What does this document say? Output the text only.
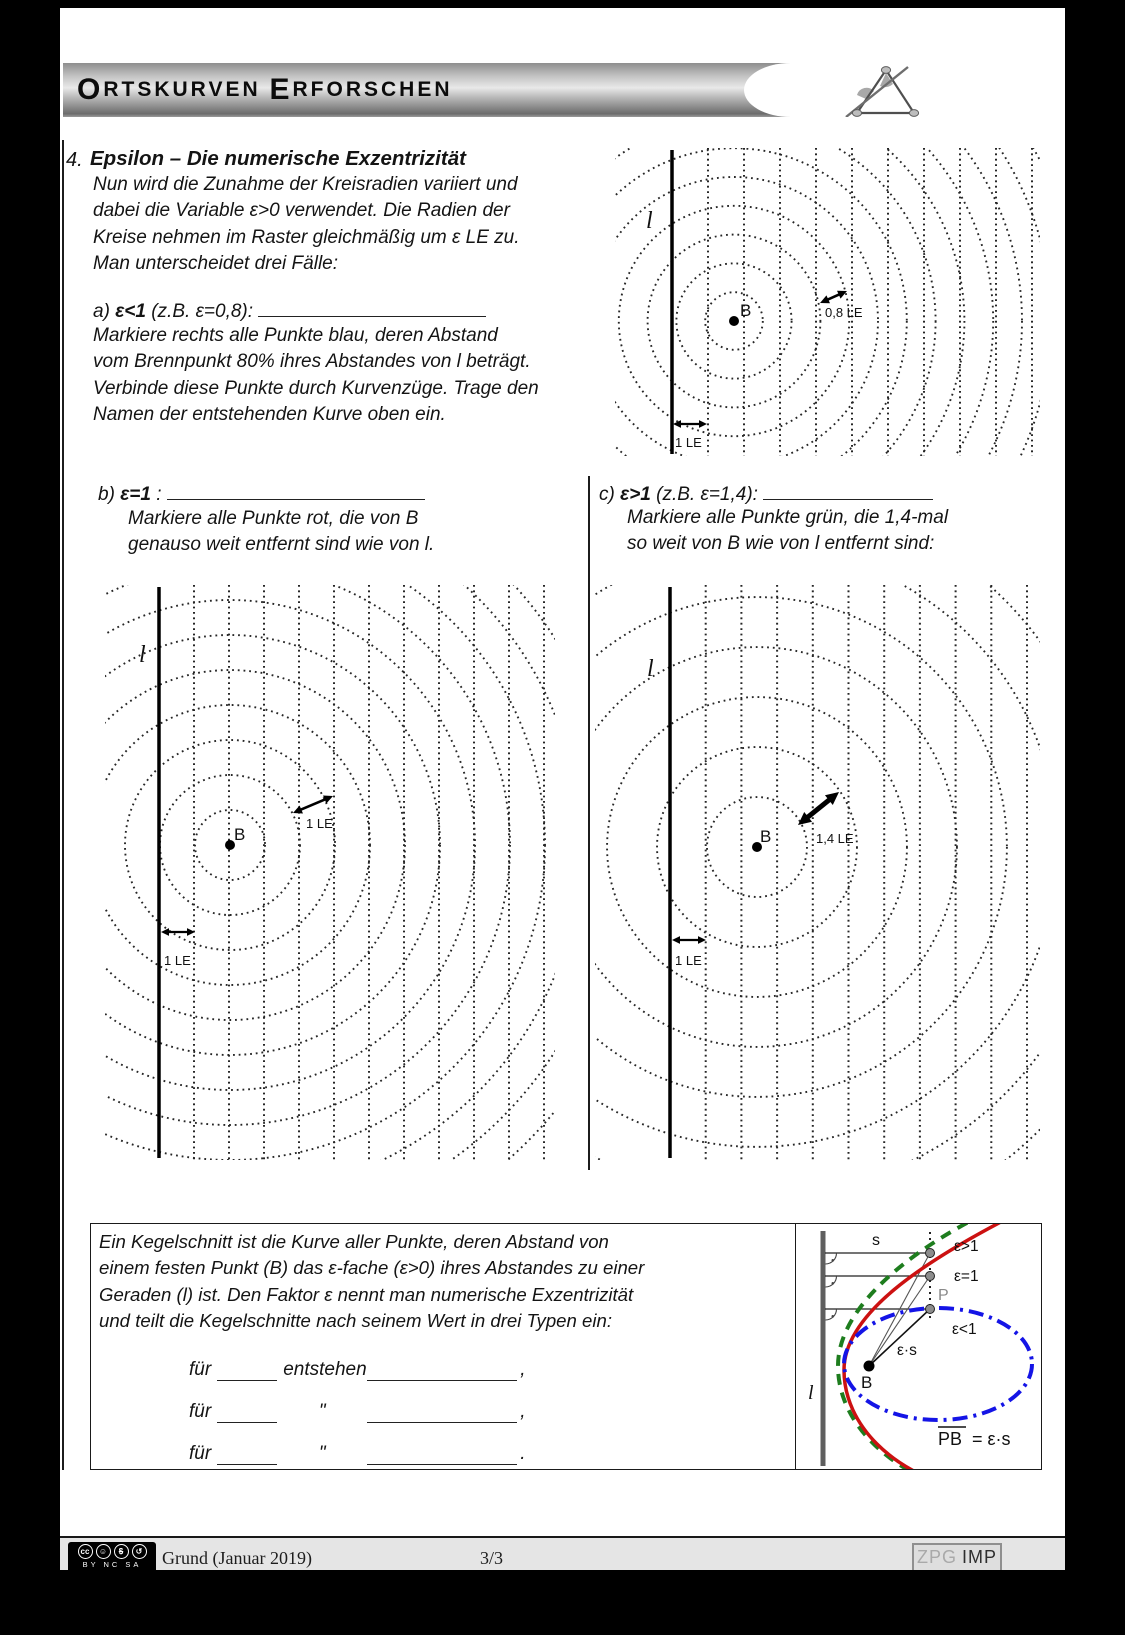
O RTSKURVEN E RFORSCHEN
4. Epsilon – Die numerische Exzentrizität
Nun wird die Zunahme der Kreisradien variiert und
dabei die Variable ε>0 verwendet. Die Radien der
Kreise nehmen im Raster gleichmäßig um ε LE zu.
Man unterscheidet drei Fälle:
a) ε<1 (z.B. ε=0,8):
Markiere rechts alle Punkte blau, deren Abstand
vom Brennpunkt 80% ihres Abstandes von l beträgt.
Verbinde diese Punkte durch Kurvenzüge. Trage den
Namen der entstehenden Kurve oben ein.
b) ε=1 :
Markiere alle Punkte rot, die von B
genauso weit entfernt sind wie von l.
c) ε>1 (z.B. ε=1,4):
Markiere alle Punkte grün, die 1,4-mal
so weit von B wie von l entfernt sind:
B
l
0,8 LE
1 LE
B
l
1 LE
1 LE
B
l
1,4 LE
1 LE
Ein Kegelschnitt ist die Kurve aller Punkte, deren Abstand von
einem festen Punkt (B) das ε-fache (ε>0) ihres Abstandes zu einer
Geraden (l) ist. Den Faktor ε nennt man numerische Exzentrizität
und teilt die Kegelschnitte nach seinem Wert in drei Typen ein:
für	entstehen	,
für	"	,
für	"	.
l
s	ε>1
ε=1
ε<1
P
B
ε·s
PB = ε·s
cc	☺	$	↺
BY NC SA	Grund (Januar 2019)	3/3	ZPG IMP
